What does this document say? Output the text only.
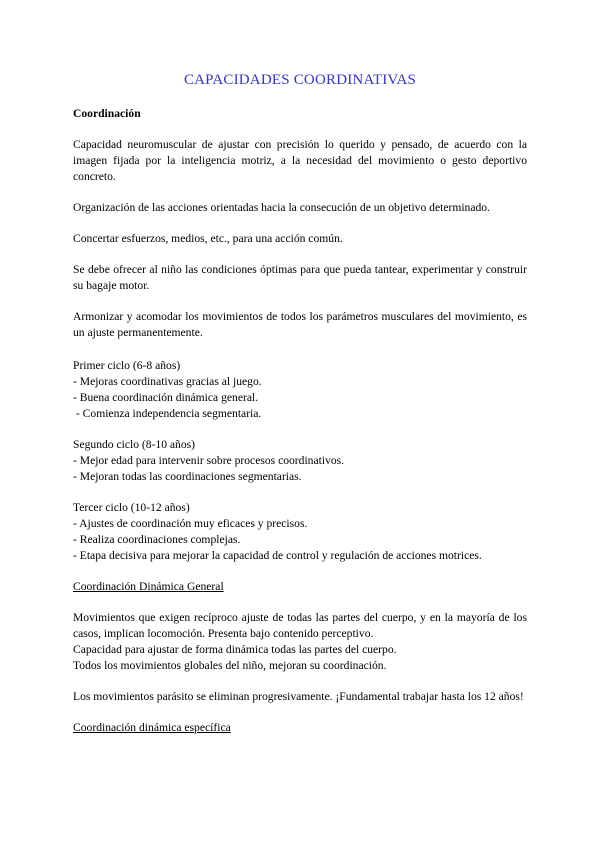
CAPACIDADES COORDINATIVAS

Coordinación

Capacidad neuromuscular de ajustar con precisión lo querido y pensado, de acuerdo con la imagen fijada por la inteligencia motriz, a la necesidad del movimiento o gesto deportivo concreto.

Organización de las acciones orientadas hacia la consecución de un objetivo determinado.

Concertar esfuerzos, medios, etc., para una acción común.

Se debe ofrecer al niño las condiciones óptimas para que pueda tantear, experimentar y construir su bagaje motor.

Armonizar y acomodar los movimientos de todos los parámetros musculares del movimiento, es un ajuste permanentemente.

Primer ciclo (6-8 años)

- Mejoras coordinativas gracias al juego.

- Buena coordinación dinámica general.

- Comienza independencia segmentaria.

Segundo ciclo (8-10 años)

- Mejor edad para intervenir sobre procesos coordinativos.

- Mejoran todas las coordinaciones segmentarias.

Tercer ciclo (10-12 años)

- Ajustes de coordinación muy eficaces y precisos.

- Realiza coordinaciones complejas.

- Etapa decisiva para mejorar la capacidad de control y regulación de acciones motrices.

Coordinación Dinámica General

Movimientos que exigen recíproco ajuste de todas las partes del cuerpo, y en la mayoría de los casos, implican locomoción. Presenta bajo contenido perceptivo.

Capacidad para ajustar de forma dinámica todas las partes del cuerpo.

Todos los movimientos globales del niño, mejoran su coordinación.

Los movimientos parásito se eliminan progresivamente. ¡Fundamental trabajar hasta los 12 años!

Coordinación dinámica específica
